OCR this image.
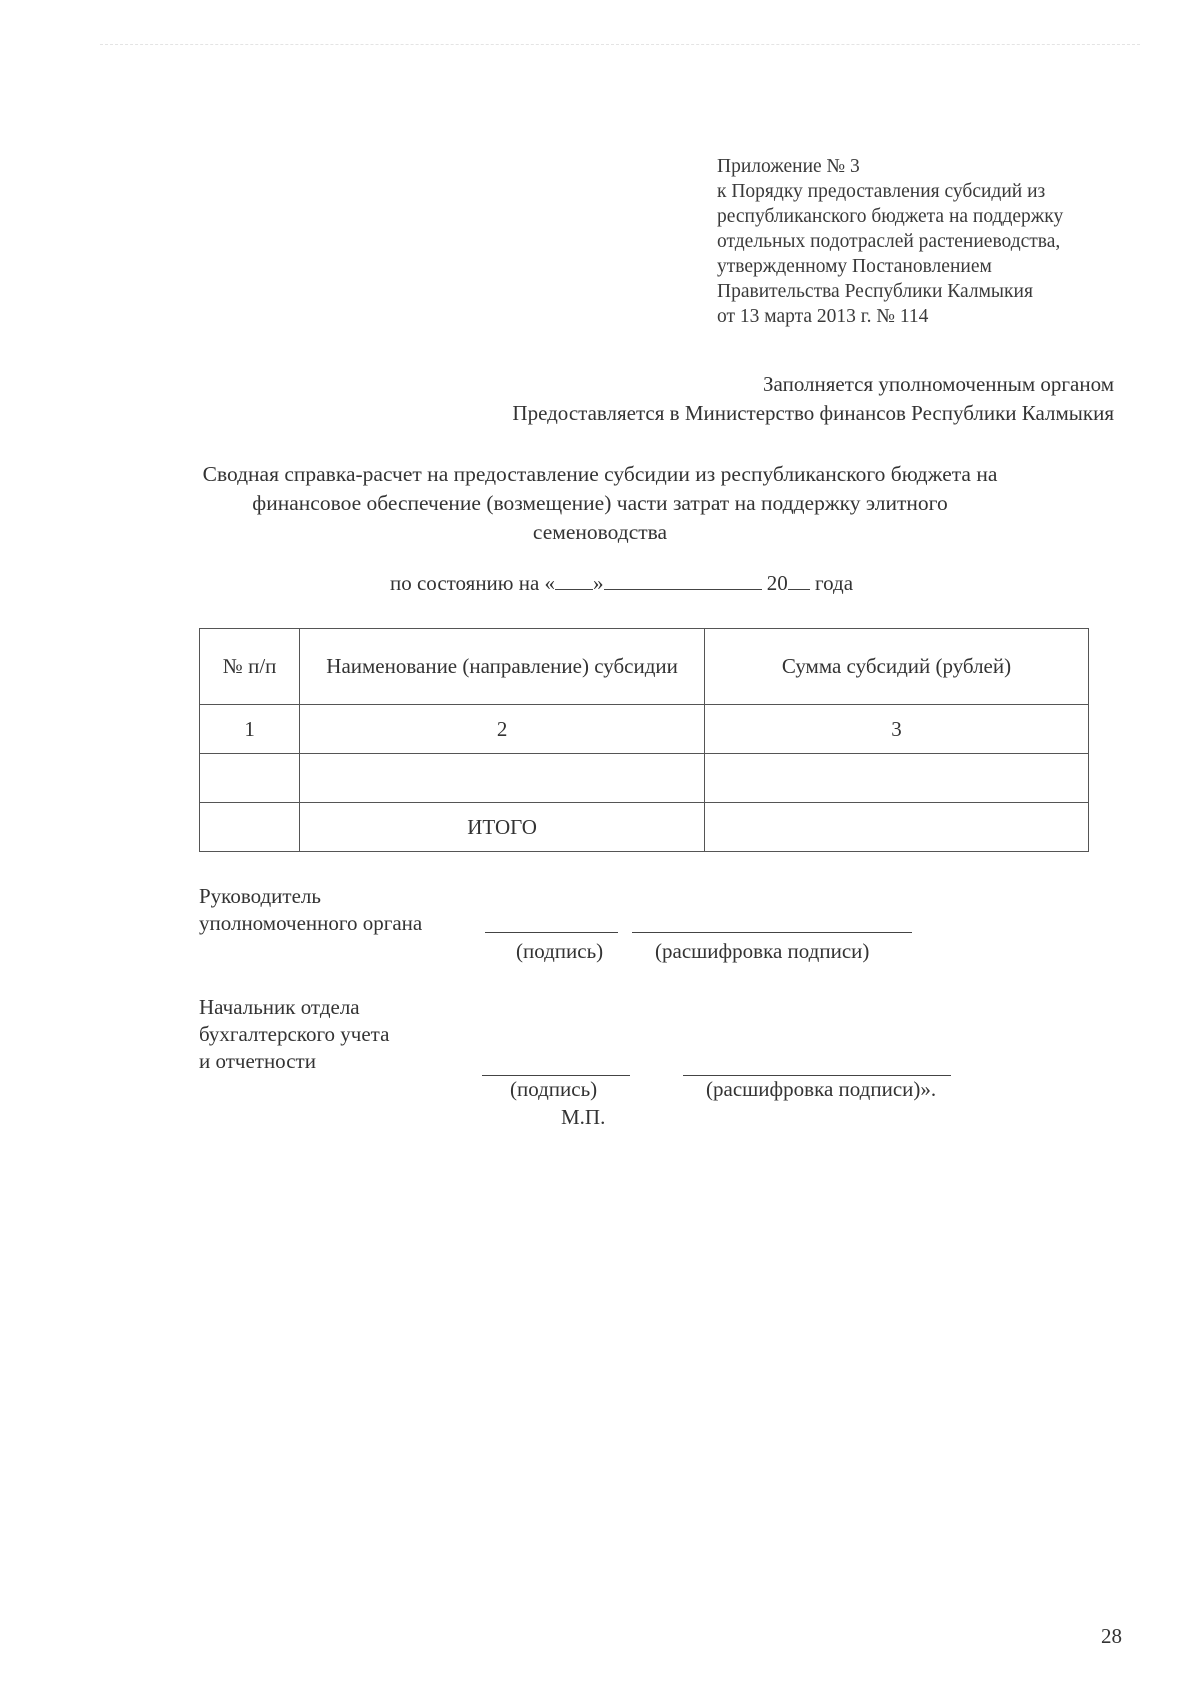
Приложение № 3
к Порядку предоставления субсидий из
республиканского бюджета на поддержку
отдельных подотраслей растениеводства,
утвержденному Постановлением
Правительства Республики Калмыкия
от 13 марта 2013 г. № 114
Заполняется уполномоченным органом
Предоставляется в Министерство финансов Республики Калмыкия
Сводная справка-расчет на предоставление субсидии из республиканского бюджета на
финансовое обеспечение (возмещение) части затрат на поддержку элитного
семеноводства
по состоянию на « »	20 года
№ п/п	Наименование (направление) субсидии	Сумма субсидий (рублей)
1	2	3

	ИТОГО	
Руководитель
уполномоченного органа
(подпись) (расшифровка подписи)
Начальник отдела
бухгалтерского учета
и отчетности
(подпись)	(расшифровка подписи)».
М.П.
28
